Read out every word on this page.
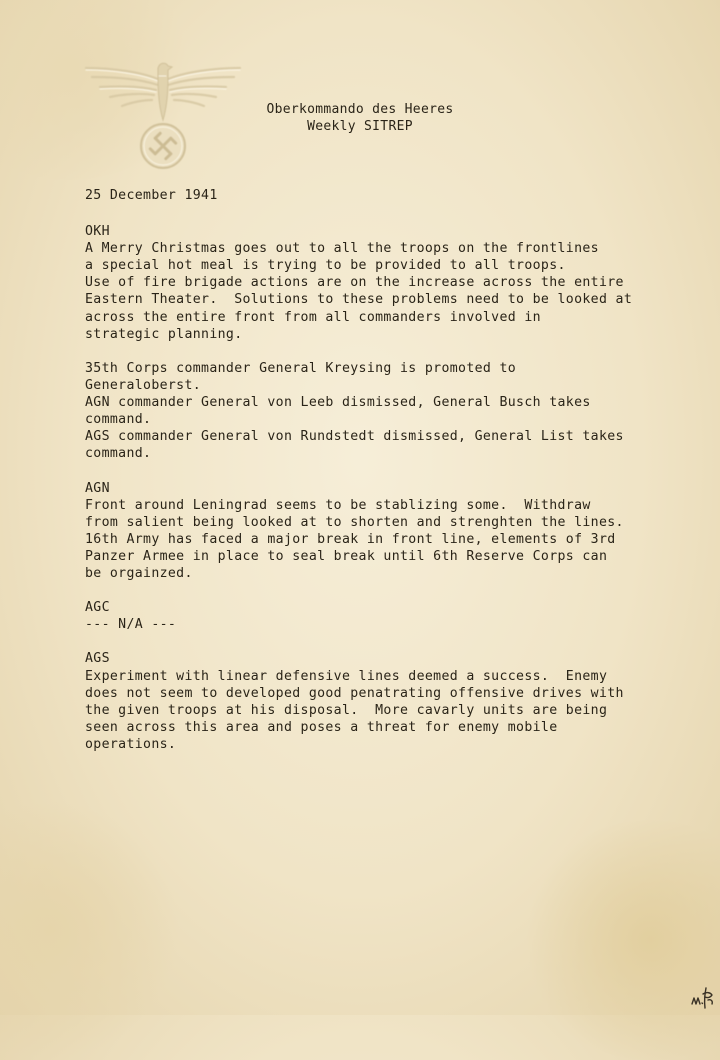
Oberkommando des Heeres
Weekly SITREP
25 December 1941
OKH
A Merry Christmas goes out to all the troops on the frontlines
a special hot meal is trying to be provided to all troops.
Use of fire brigade actions are on the increase across the entire
Eastern Theater.  Solutions to these problems need to be looked at
across the entire front from all commanders involved in
strategic planning.
35th Corps commander General Kreysing is promoted to
Generaloberst.
AGN commander General von Leeb dismissed, General Busch takes
command.
AGS commander General von Rundstedt dismissed, General List takes
command.
AGN
Front around Leningrad seems to be stablizing some.  Withdraw
from salient being looked at to shorten and strenghten the lines.
16th Army has faced a major break in front line, elements of 3rd
Panzer Armee in place to seal break until 6th Reserve Corps can
be orgainzed.
AGC
--- N/A ---
AGS
Experiment with linear defensive lines deemed a success.  Enemy
does not seem to developed good penatrating offensive drives with
the given troops at his disposal.  More cavarly units are being
seen across this area and poses a threat for enemy mobile
operations.
